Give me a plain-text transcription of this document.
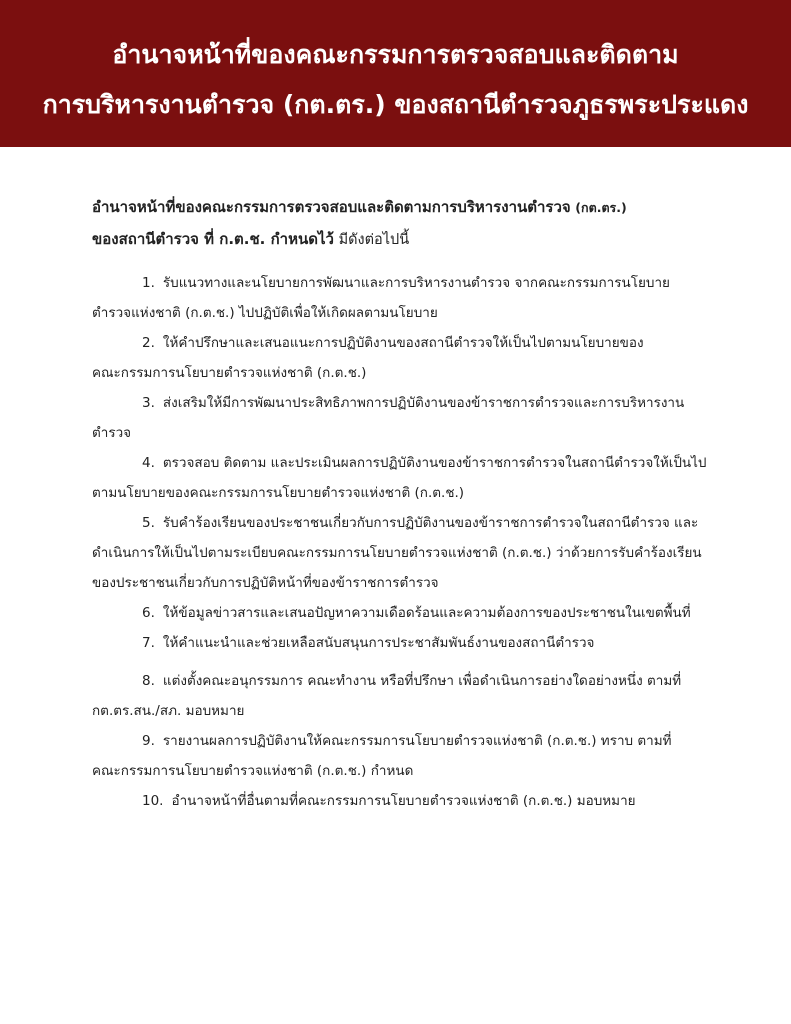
อำนาจหน้าที่ของคณะกรรมการตรวจสอบและติดตาม
การบริหารงานตำรวจ (กต.ตร.) ของสถานีตำรวจภูธรพระประแดง

อำนาจหน้าที่ของคณะกรรมการตรวจสอบและติดตามการบริหารงานตำรวจ (กต.ตร.)
ของสถานีตำรวจ ที่ ก.ต.ช. กำหนดไว้ มีดังต่อไปนี้

1. รับแนวทางและนโยบายการพัฒนาและการบริหารงานตำรวจ จากคณะกรรมการนโยบาย
ตำรวจแห่งชาติ (ก.ต.ช.) ไปปฏิบัติเพื่อให้เกิดผลตามนโยบาย
2. ให้คำปรึกษาและเสนอแนะการปฏิบัติงานของสถานีตำรวจให้เป็นไปตามนโยบายของ
คณะกรรมการนโยบายตำรวจแห่งชาติ (ก.ต.ช.)
3. ส่งเสริมให้มีการพัฒนาประสิทธิภาพการปฏิบัติงานของข้าราชการตำรวจและการบริหารงาน
ตำรวจ
4. ตรวจสอบ ติดตาม และประเมินผลการปฏิบัติงานของข้าราชการตำรวจในสถานีตำรวจให้เป็นไป
ตามนโยบายของคณะกรรมการนโยบายตำรวจแห่งชาติ (ก.ต.ช.)
5. รับคำร้องเรียนของประชาชนเกี่ยวกับการปฏิบัติงานของข้าราชการตำรวจในสถานีตำรวจ และ
ดำเนินการให้เป็นไปตามระเบียบคณะกรรมการนโยบายตำรวจแห่งชาติ (ก.ต.ช.) ว่าด้วยการรับคำร้องเรียน
ของประชาชนเกี่ยวกับการปฏิบัติหน้าที่ของข้าราชการตำรวจ
6. ให้ข้อมูลข่าวสารและเสนอปัญหาความเดือดร้อนและความต้องการของประชาชนในเขตพื้นที่
7. ให้คำแนะนำและช่วยเหลือสนับสนุนการประชาสัมพันธ์งานของสถานีตำรวจ
8. แต่งตั้งคณะอนุกรรมการ คณะทำงาน หรือที่ปรึกษา เพื่อดำเนินการอย่างใดอย่างหนึ่ง ตามที่
กต.ตร.สน./สภ. มอบหมาย
9. รายงานผลการปฏิบัติงานให้คณะกรรมการนโยบายตำรวจแห่งชาติ (ก.ต.ช.) ทราบ ตามที่
คณะกรรมการนโยบายตำรวจแห่งชาติ (ก.ต.ช.) กำหนด
10. อำนาจหน้าที่อื่นตามที่คณะกรรมการนโยบายตำรวจแห่งชาติ (ก.ต.ช.) มอบหมาย
